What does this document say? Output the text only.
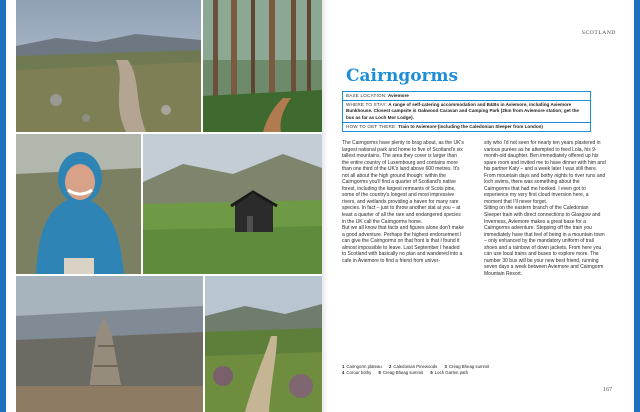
SCOTLAND
Cairngorms
BASE LOCATION: Aviemore
WHERE TO STAY: A range of self-catering accommodation and B&Bs in Aviemore, including Aviemore Bunkhouse. Closest campsite is Oakwood Caravan and Camping Park (2km from Aviemore station; get the bus as far as Loch Mor Lodge).
HOW TO GET THERE: Train to Aviemore (including the Caledonian Sleeper from London)

The Cairngorms have plenty to brag about, as the UK's largest national park and home to five of Scotland's six tallest mountains. The area they cover is larger than the entire country of Luxembourg and contains more than one third of the UK's land above 600 metres. It's not all about the high ground though: within the Cairngorms you'll find a quarter of Scotland's native forest, including the largest remnants of Scots pine, some of the country's longest and most impressive rivers, and wetlands providing a haven for many rare species. In fact – just to throw another stat at you – at least a quarter of all the rare and endangered species in the UK call the Cairngorms home.
But we all know that facts and figures alone don't make a good adventure. Perhaps the highest endorsement I can give the Cairngorms on that front is that I found it almost impossible to leave. Last September I headed to Scotland with basically no plan and wandered into a cafe in Aviemore to find a friend from univer-

sity who I'd not seen for nearly ten years plastered in various purées as he attempted to feed Lola, his 9-month-old daughter. Ben immediately offered up his spare room and invited me to have dinner with him and his partner Katy – and a week later I was still there. From mountain days and bothy nights to river runs and loch swims, there was something about the Cairngorms that had me hooked. I even got to experience my very first cloud inversion here, a moment that I'll never forget.
Sitting on the eastern branch of the Caledonian Sleeper train with direct connections to Glasgow and Inverness, Aviemore makes a great base for a Cairngorms adventure. Stepping off the train you immediately have that feel of being in a mountain town – only enhanced by the mandatory uniform of trail shoes and a rainbow of down jackets. From here you can use local trains and buses to explore more. The number 30 bus will be your new best friend, running seven days a week between Aviemore and Cairngorm Mountain Resort.

1 Cairngorm plateau 2 Caledonian Pinewoods 3 Creag Bheag summit
4 Corour bothy 5 Creag Bheag summit 6 Loch Garten path
167
